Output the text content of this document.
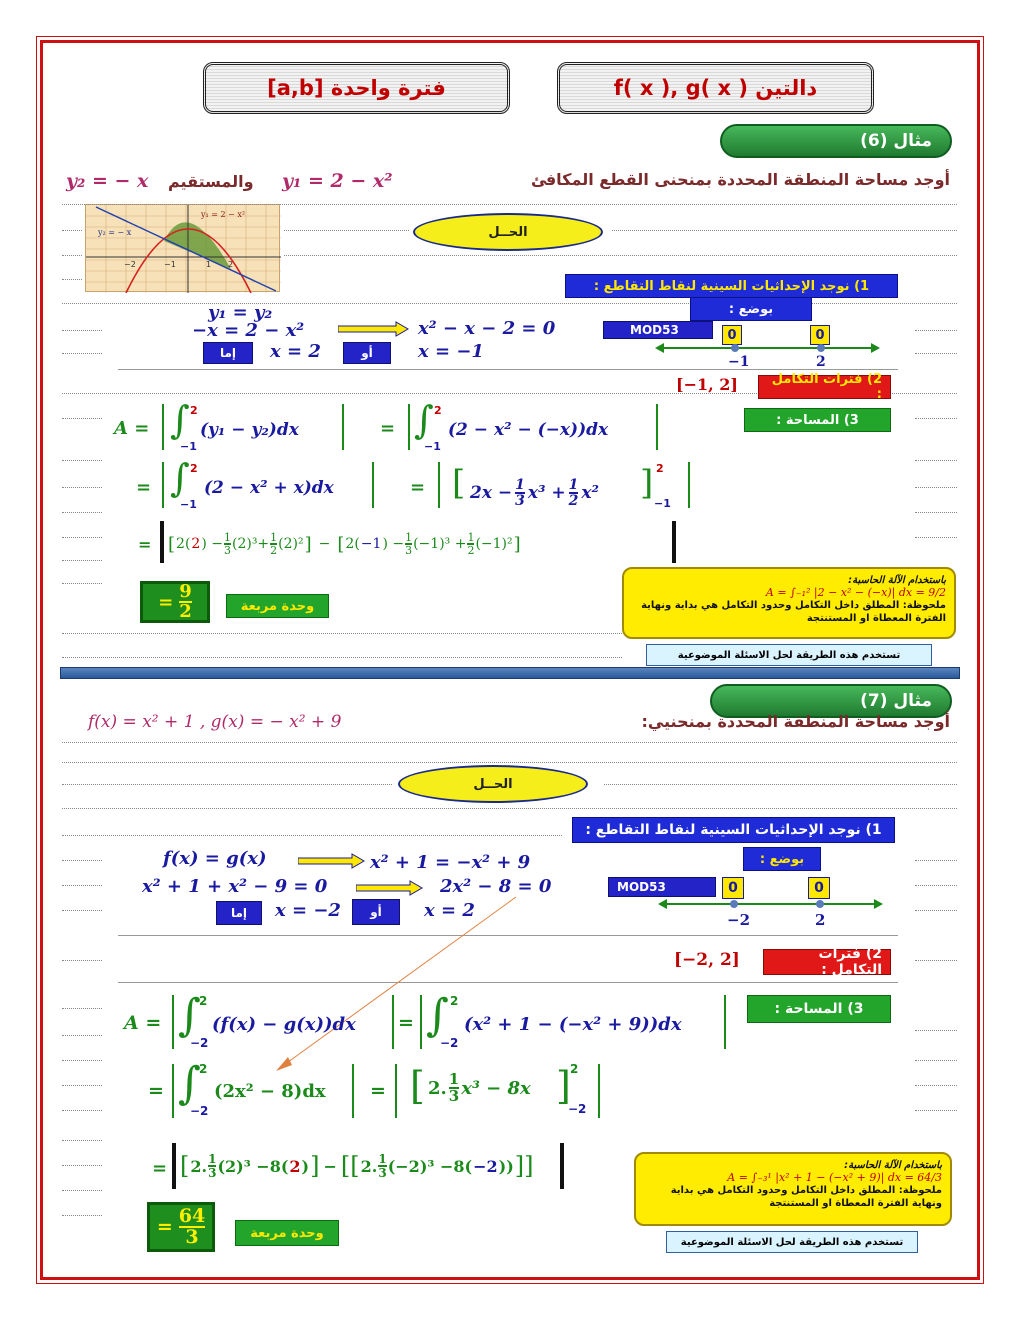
دالتين f( x ), g( x )
فترة واحدة [a,b]
مثال (6)
أوجد مساحة المنطقة المحددة بمنحنى القطع المكافئ
y₁ = 2 − x²
والمستقيم
y₂ = − x
y₁ = 2 − x²
y₂ = − x
−2	−1	1 2
الحــل
1) نوجد الإحداثيات السينية لنقاط التقاطع :
بوضع :
MOD53
y₁ = y₂
−x = 2 − x²	x² − x − 2 = 0
إما	x = 2	أو	x = −1
0	0
−1	2
2) فترات التكامل :
[−1, 2]
3) المساحة :
A = ∫ 2
−1
(y₁ − y₂)dx	= ∫ 2
−1
(2 − x² − (−x))dx
= ∫ 2
−1
(2 − x² + x)dx	= [ $2x - \frac{1}{3} x^3 + \frac{1}{2} x^2$ ] 2
−1
= [ 2( 2 ) − $\frac{1}{3} (2)^3+ \frac{1}{2} (2)^2$ ] − [ 2( −1 ) − $\frac{1}{3} (-1)^3 + \frac{1}{2} (-1)^2$ ]
= $\frac{9}{2}$	وحدة مربعة
باستخدام الآلة الحاسبة:
A = ∫₋₁² |2 − x² − (−x)| dx = 9/2
ملحوظة: المطلق داخل التكامل وحدود التكامل هي بداية ونهاية الفترة المعطاة او المستنتجة
تستخدم هذه الطريقة لحل الاسئلة الموضوعية
مثال (7)
أوجد مساحة المنطقة المحددة بمنحنيي:
f(x) = x² + 1 , g(x) = − x² + 9
الحــل
1) نوجد الإحداثيات السينية لنقاط التقاطع :
بوضع :
MOD53
f(x) = g(x)	x² + 1 = −x² + 9
x² + 1 + x² − 9 = 0	2x² − 8 = 0
إما	x = −2	أو	x = 2
0	0
−2	2
2) فترات التكامل :
[−2, 2]
3) المساحة :
A = ∫
2
−2
(f(x) − g(x))dx = ∫ 2
−2
(x² + 1 − (−x² + 9))dx
= ∫
2
−2
(2x² − 8)dx = [ 2. $\frac{1}{3} x^3 - 8x$ ] 2
−2
= [ 2. $\frac{1}{3} (2)^3 -8$( 2 ) ] − [[ 2. $\frac{1}{3} (-2)^3 -8( -2$ )) ]]
= $\frac{64}{3}$	وحدة مربعة
باستخدام الآلة الحاسبة:
A = ∫₋₃¹ |x² + 1 − (−x² + 9)| dx = 64/3
ملحوظة: المطلق داخل التكامل وحدود التكامل هي بداية ونهاية الفترة المعطاة او المستنتجة
تستخدم هذه الطريقة لحل الاسئلة الموضوعية
